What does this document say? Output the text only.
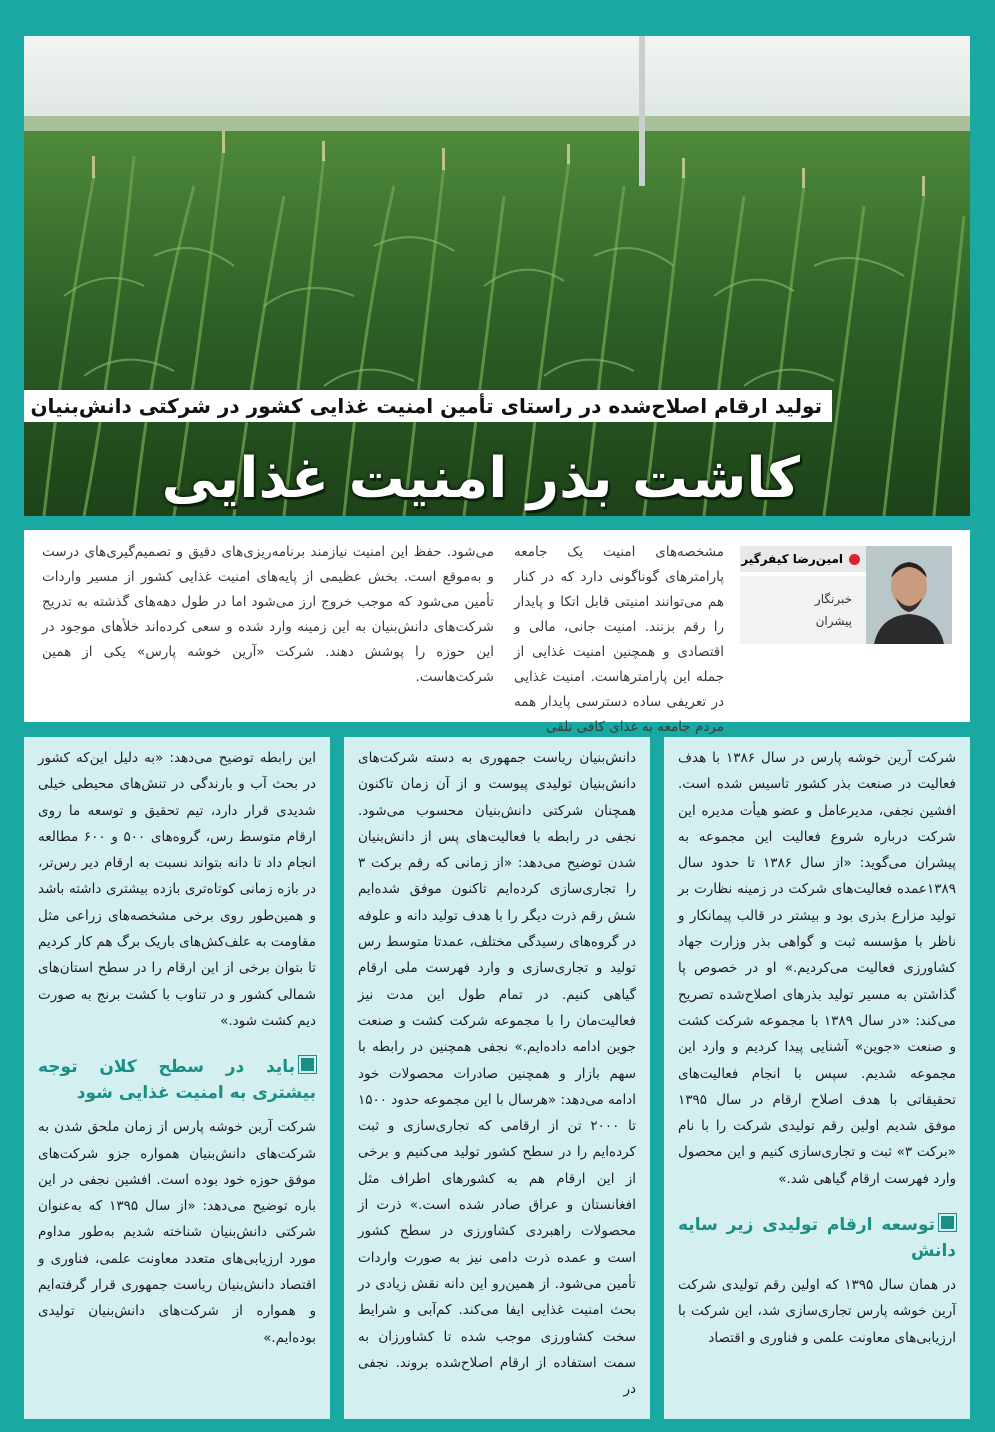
تولید ارقام اصلاح‌شده در راستای تأمین امنیت غذایی کشور در شرکتی دانش‌بنیان
کاشت بذر امنیت غذایی
امین‌رضا کیفرگیر
خبرنگار
پیشران
مشخصه‌های امنیت یک جامعه پارامترهای گوناگونی دارد که در کنار هم می‌توانند امنیتی قابل اتکا و پایدار را رقم بزنند. امنیت جانی، مالی و اقتصادی و همچنین امنیت غذایی از جمله این پارامترهاست. امنیت غذایی در تعریفی ساده دسترسی پایدار همه مردم جامعه به غذای کافی تلقی
می‌شود. حفظ این امنیت نیازمند برنامه‌ریزی‌های دقیق و تصمیم‌گیری‌های درست و به‌موقع است. بخش عظیمی از پایه‌های امنیت غذایی کشور از مسیر واردات تأمین می‌شود که موجب خروج ارز می‌شود اما در طول دهه‌های گذشته به تدریج شرکت‌های دانش‌بنیان به این زمینه وارد شده و سعی کرده‌اند خلأهای موجود در این حوزه را پوشش دهند. شرکت «آرین خوشه پارس» یکی از همین شرکت‌هاست.

شرکت آرین خوشه پارس در سال ۱۳۸۶ با هدف فعالیت در صنعت بذر کشور تاسیس شده است. افشین نجفی، مدیرعامل و عضو هیأت مدیره این شرکت درباره شروع فعالیت این مجموعه به پیشران می‌گوید: «از سال ۱۳۸۶ تا حدود سال ۱۳۸۹عمده فعالیت‌های شرکت در زمینه نظارت بر تولید مزارع بذری بود و بیشتر در قالب پیمانکار و ناظر با مؤسسه ثبت و گواهی بذر وزارت جهاد کشاورزی فعالیت می‌کردیم.» او در خصوص پا گذاشتن به مسیر تولید بذرهای اصلاح‌شده تصریح می‌کند: «در سال ۱۳۸۹ با مجموعه شرکت کشت و صنعت «جوین» آشنایی پیدا کردیم و وارد این مجموعه شدیم. سپس با انجام فعالیت‌های تحقیقاتی با هدف اصلاح ارقام در سال ۱۳۹۵ موفق شدیم اولین رقم تولیدی شرکت را با نام «برکت ۳» ثبت و تجاری‌سازی کنیم و این محصول وارد فهرست ارقام گیاهی شد.»

توسعه ارقام تولیدی زیر سایه دانش

در همان سال ۱۳۹۵ که اولین رقم تولیدی شرکت آرین خوشه پارس تجاری‌سازی شد، این شرکت با ارزیابی‌های معاونت علمی و فناوری و اقتصاد

دانش‌بنیان ریاست جمهوری به دسته شرکت‌های دانش‌بنیان تولیدی پیوست و از آن زمان تاکنون همچنان شرکتی دانش‌بنیان محسوب می‌شود. نجفی در رابطه با فعالیت‌های پس از دانش‌بنیان شدن توضیح می‌دهد: «از زمانی که رقم برکت ۳ را تجاری‌سازی کرده‌ایم تاکنون موفق شده‌ایم شش رقم ذرت دیگر را با هدف تولید دانه و علوفه در گروه‌های رسیدگی مختلف، عمدتا متوسط رس تولید و تجاری‌سازی و وارد فهرست ملی ارقام گیاهی کنیم. در تمام طول این مدت نیز فعالیت‌مان را با مجموعه شرکت کشت و صنعت جوین ادامه داده‌ایم.» نجفی همچنین در رابطه با سهم بازار و همچنین صادرات محصولات خود ادامه می‌دهد: «هرسال با این مجموعه حدود ۱۵۰۰ تا ۲۰۰۰ تن از ارقامی که تجاری‌سازی و ثبت کرده‌ایم را در سطح کشور تولید می‌کنیم و برخی از این ارقام هم به کشورهای اطراف مثل افغانستان و عراق صادر شده است.» ذرت از محصولات راهبردی کشاورزی در سطح کشور است و عمده ذرت دامی نیز به صورت واردات تأمین می‌شود. از همین‌رو این دانه نقش زیادی در بحث امنیت غذایی ایفا می‌کند. کم‌آبی و شرایط سخت کشاورزی موجب شده تا کشاورزان به سمت استفاده از ارقام اصلاح‌شده بروند. نجفی در

این رابطه توضیح می‌دهد: «به دلیل این‌که کشور در بحث آب و بارندگی در تنش‌های محیطی خیلی شدیدی قرار دارد، تیم تحقیق و توسعه ما روی ارقام متوسط رس، گروه‌های ۵۰۰ و ۶۰۰ مطالعه انجام داد تا دانه بتواند نسبت به ارقام دیر رس‌تر، در بازه زمانی کوتاه‌تری بازده بیشتری داشته باشد و همین‌طور روی برخی مشخصه‌های زراعی مثل مقاومت به علف‌کش‌های باریک برگ هم کار کردیم تا بتوان برخی از این ارقام را در سطح استان‌های شمالی کشور و در تناوب با کشت برنج به صورت دیم کشت شود.»

باید در سطح کلان توجه بیشتری به امنیت غذایی شود

شرکت آرین خوشه پارس از زمان ملحق شدن به شرکت‌های دانش‌بنیان همواره جزو شرکت‌های موفق حوزه خود بوده است. افشین نجفی در این باره توضیح می‌دهد: «از سال ۱۳۹۵ که به‌عنوان شرکتی دانش‌بنیان شناخته شدیم به‌طور مداوم مورد ارزیابی‌های متعدد معاونت علمی، فناوری و اقتصاد دانش‌بنیان ریاست جمهوری قرار گرفته‌ایم و همواره از شرکت‌های دانش‌بنیان تولیدی بوده‌ایم.»
